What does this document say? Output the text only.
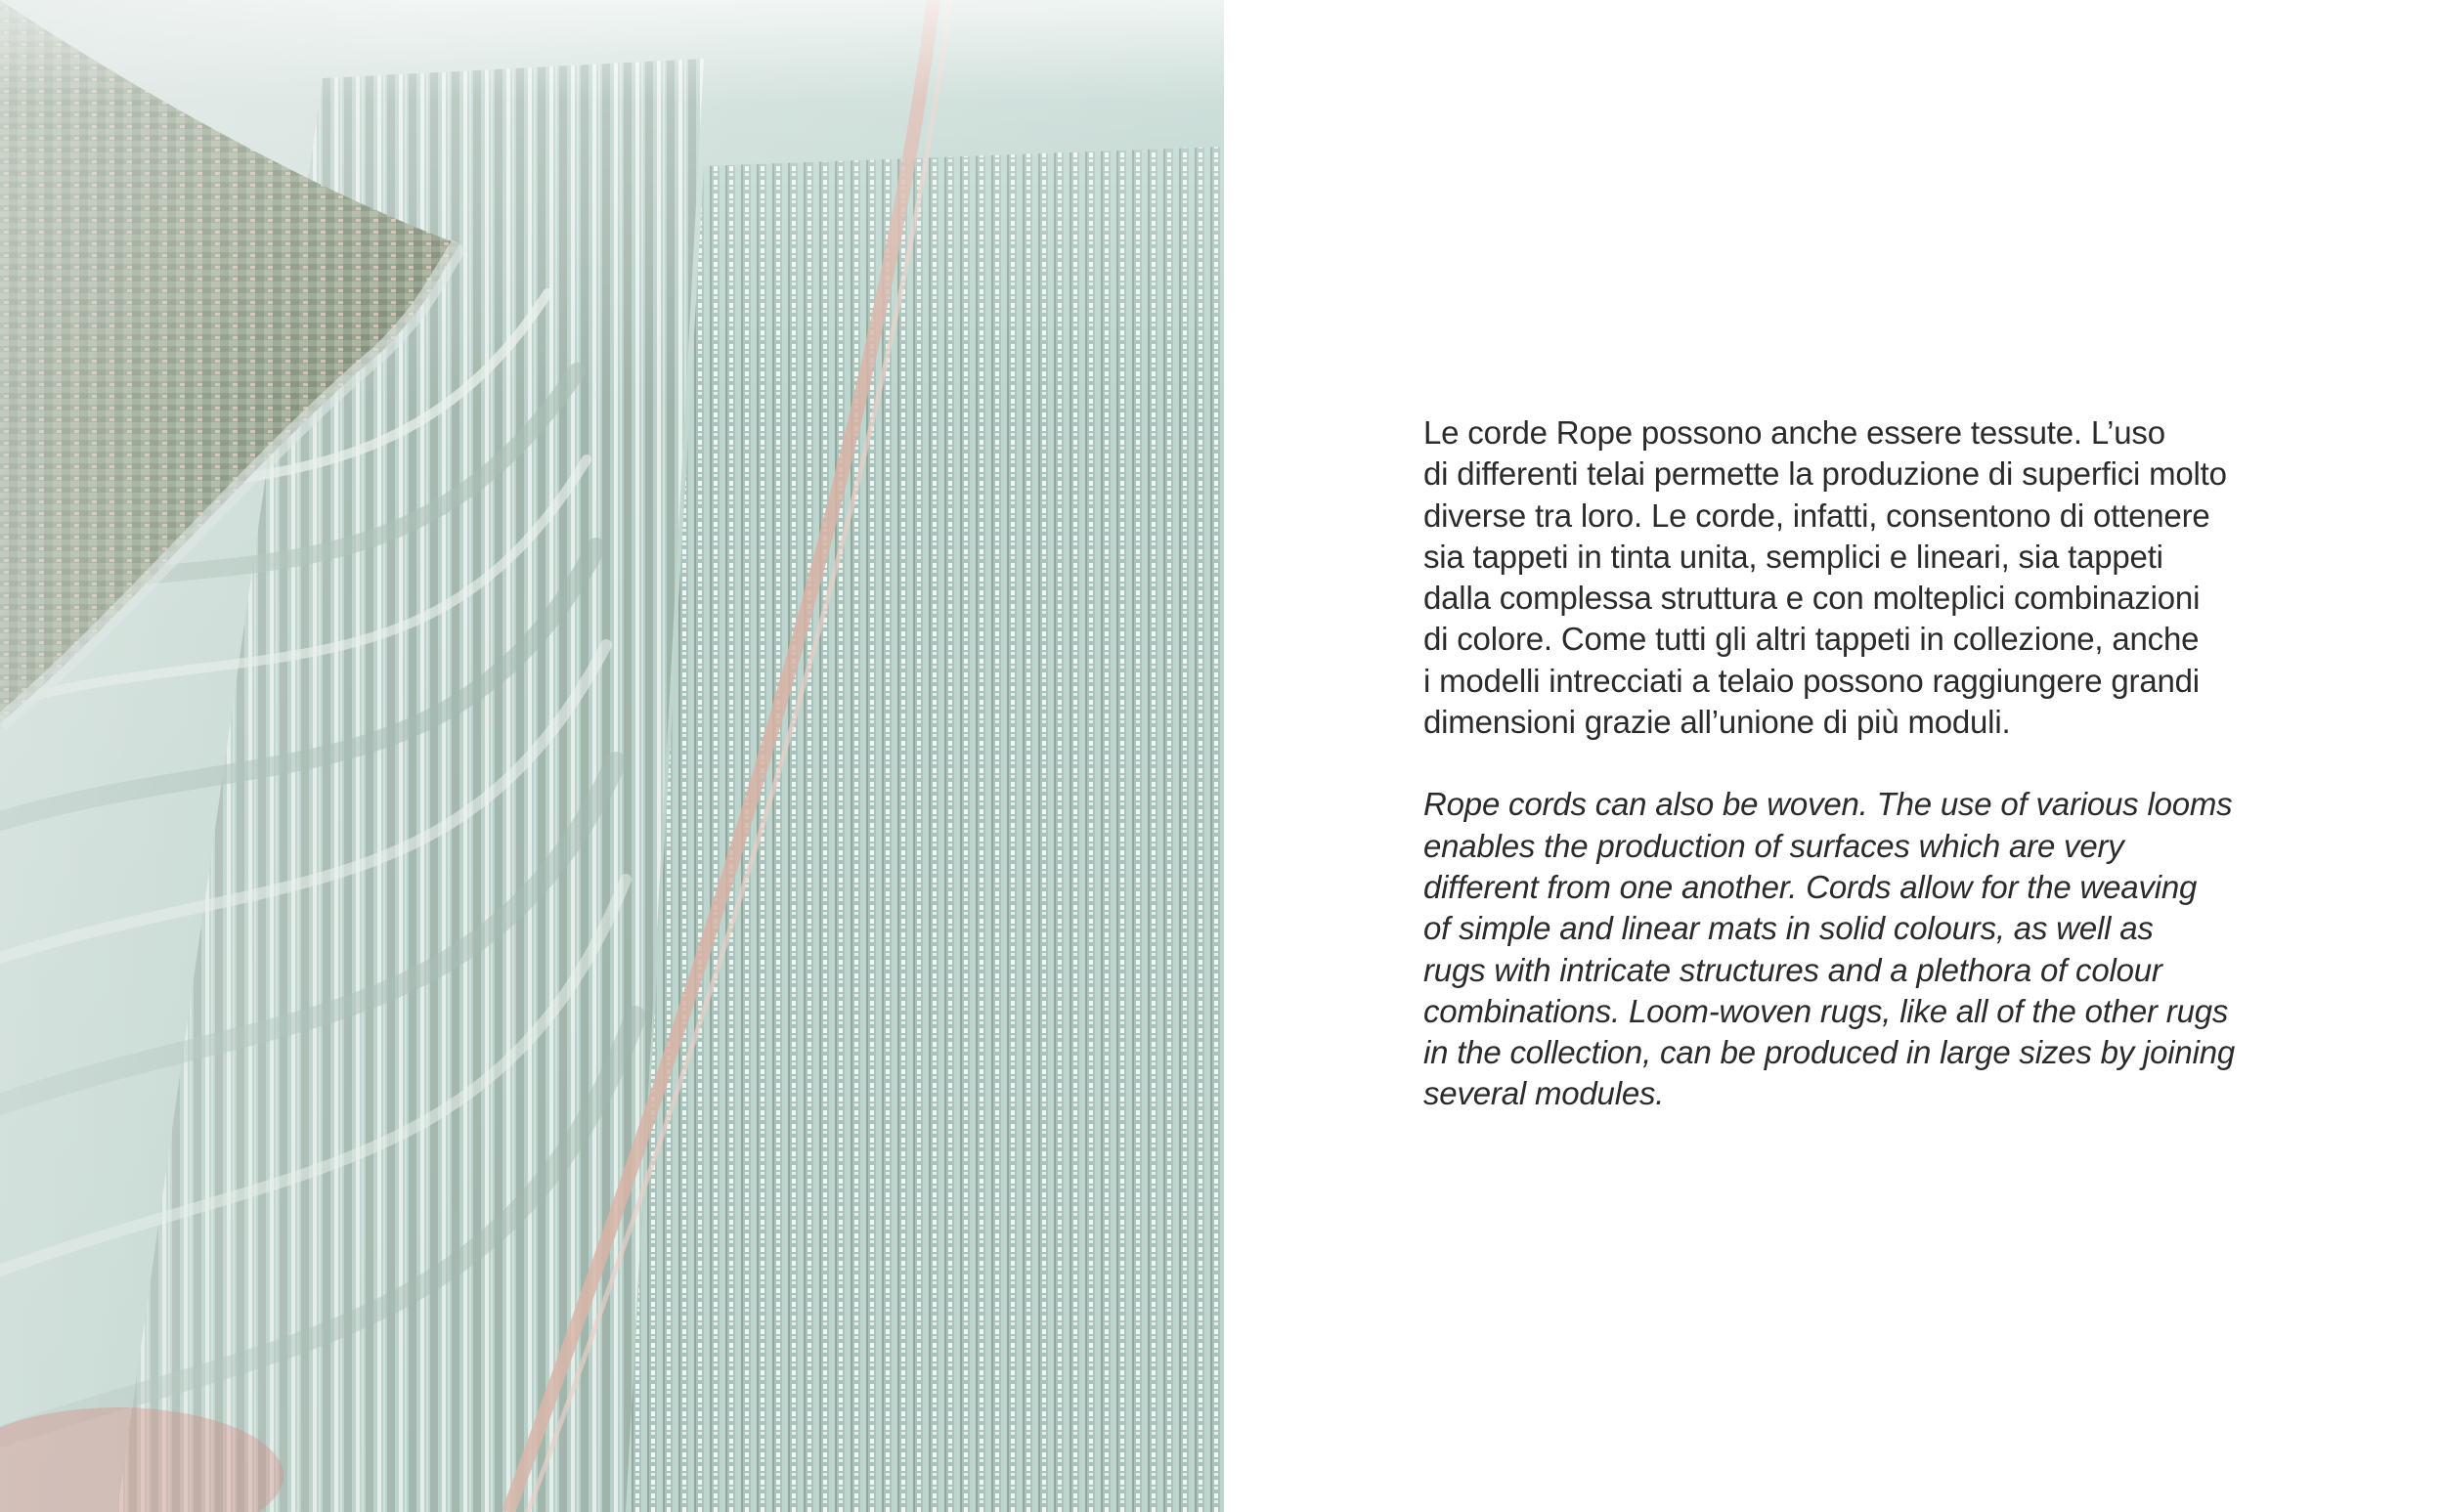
Le corde Rope possono anche essere tessute. L’uso
di differenti telai permette la produzione di superfici molto
diverse tra loro. Le corde, infatti, consentono di ottenere
sia tappeti in tinta unita, semplici e lineari, sia tappeti
dalla complessa struttura e con molteplici combinazioni
di colore. Come tutti gli altri tappeti in collezione, anche
i modelli intrecciati a telaio possono raggiungere grandi
dimensioni grazie all’unione di più moduli.

Rope cords can also be woven. The use of various looms
enables the production of surfaces which are very
different from one another. Cords allow for the weaving
of simple and linear mats in solid colours, as well as
rugs with intricate structures and a plethora of colour
combinations. Loom-woven rugs, like all of the other rugs
in the collection, can be produced in large sizes by joining
several modules.
